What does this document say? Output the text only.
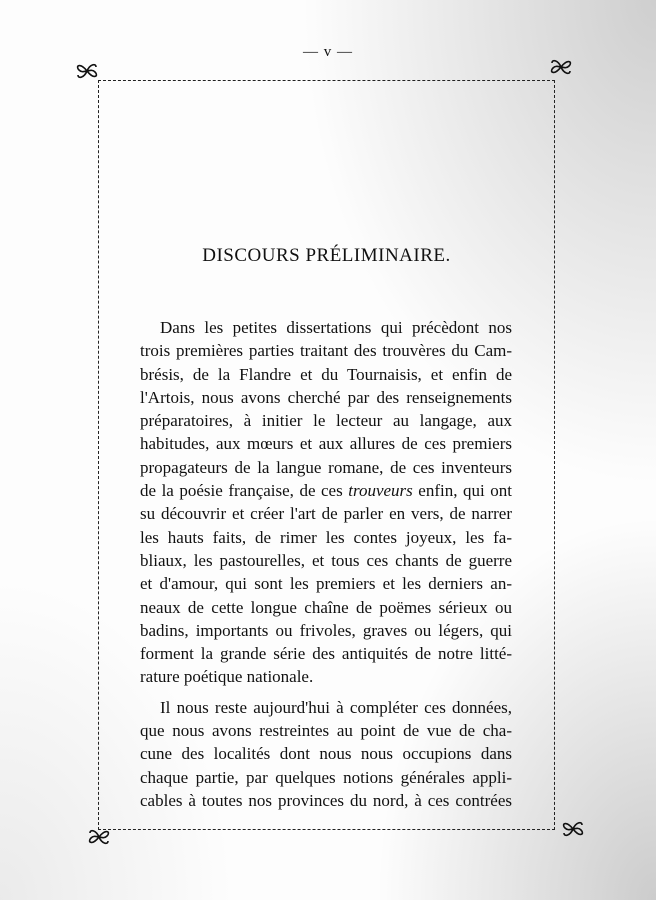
— v —
DISCOURS PRÉLIMINAIRE.
Dans les petites dissertations qui précèdont nos
trois premières parties traitant des trouvères du Cam-
brésis, de la Flandre et du Tournaisis, et enfin de
l'Artois, nous avons cherché par des renseignements
préparatoires, à initier le lecteur au langage, aux
habitudes, aux mœurs et aux allures de ces premiers
propagateurs de la langue romane, de ces inventeurs
de la poésie française, de ces trouveurs enfin, qui ont
su découvrir et créer l'art de parler en vers, de narrer
les hauts faits, de rimer les contes joyeux, les fa-
bliaux, les pastourelles, et tous ces chants de guerre
et d'amour, qui sont les premiers et les derniers an-
neaux de cette longue chaîne de poëmes sérieux ou
badins, importants ou frivoles, graves ou légers, qui
forment la grande série des antiquités de notre litté-
rature poétique nationale.
Il nous reste aujourd'hui à compléter ces données,
que nous avons restreintes au point de vue de cha-
cune des localités dont nous nous occupions dans
chaque partie, par quelques notions générales appli-
cables à toutes nos provinces du nord, à ces contrées
